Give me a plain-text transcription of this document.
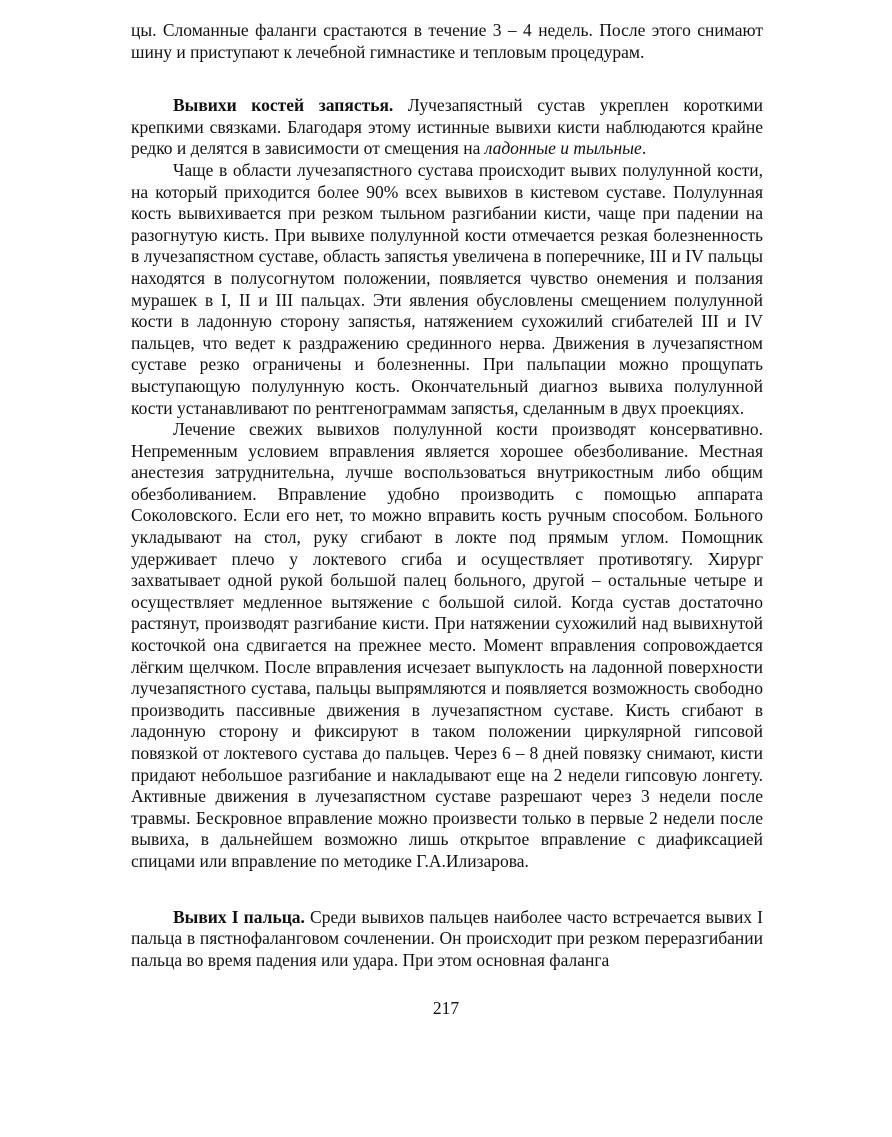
цы. Сломанные фаланги срастаются в течение 3 – 4 недель. После этого снимают шину и приступают к лечебной гимнастике и тепловым процедурам.

Вывихи костей запястья. Лучезапястный сустав укреплен короткими крепкими связками. Благодаря этому истинные вывихи кисти наблюдаются крайне редко и делятся в зависимости от смещения на ладонные и тыльные.

Чаще в области лучезапястного сустава происходит вывих полулунной кости, на который приходится более 90% всех вывихов в кистевом суставе. Полулунная кость вывихивается при резком тыльном разгибании кисти, чаще при падении на разогнутую кисть. При вывихе полулунной кости отмечается резкая болезненность в лучезапястном суставе, область запястья увеличена в поперечнике, III и IV пальцы находятся в полусогнутом положении, появляется чувство онемения и ползания мурашек в I, II и III пальцах. Эти явления обусловлены смещением полулунной кости в ладонную сторону запястья, натяжением сухожилий сгибателей III и IV пальцев, что ведет к раздражению срединного нерва. Движения в лучезапястном суставе резко ограничены и болезненны. При пальпации можно прощупать выступающую полулунную кость. Окончательный диагноз вывиха полулунной кости устанавливают по рентгенограммам запястья, сделанным в двух проекциях.

Лечение свежих вывихов полулунной кости производят консервативно. Непременным условием вправления является хорошее обезболивание. Местная анестезия затруднительна, лучше воспользоваться внутрикостным либо общим обезболиванием. Вправление удобно производить с помощью аппарата Соколовского. Если его нет, то можно вправить кость ручным способом. Больного укладывают на стол, руку сгибают в локте под прямым углом. Помощник удерживает плечо у локтевого сгиба и осуществляет противотягу. Хирург захватывает одной рукой большой палец больного, другой – остальные четыре и осуществляет медленное вытяжение с большой силой. Когда сустав достаточно растянут, производят разгибание кисти. При натяжении сухожилий над вывихнутой косточкой она сдвигается на прежнее место. Момент вправления сопровождается лёгким щелчком. После вправления исчезает выпуклость на ладонной поверхности лучезапястного сустава, пальцы выпрямляются и появляется возможность свободно производить пассивные движения в лучезапястном суставе. Кисть сгибают в ладонную сторону и фиксируют в таком положении циркулярной гипсовой повязкой от локтевого сустава до пальцев. Через 6 – 8 дней повязку снимают, кисти придают небольшое разгибание и накладывают еще на 2 недели гипсовую лонгету. Активные движения в лучезапястном суставе разрешают через 3 недели после травмы. Бескровное вправление можно произвести только в первые 2 недели после вывиха, в дальнейшем возможно лишь открытое вправление с диафиксацией спицами или вправление по методике Г.А.Илизарова.

Вывих I пальца. Среди вывихов пальцев наиболее часто встречается вывих I пальца в пястнофаланговом сочленении. Он происходит при резком переразгибании пальца во время падения или удара. При этом основная фаланга

217
